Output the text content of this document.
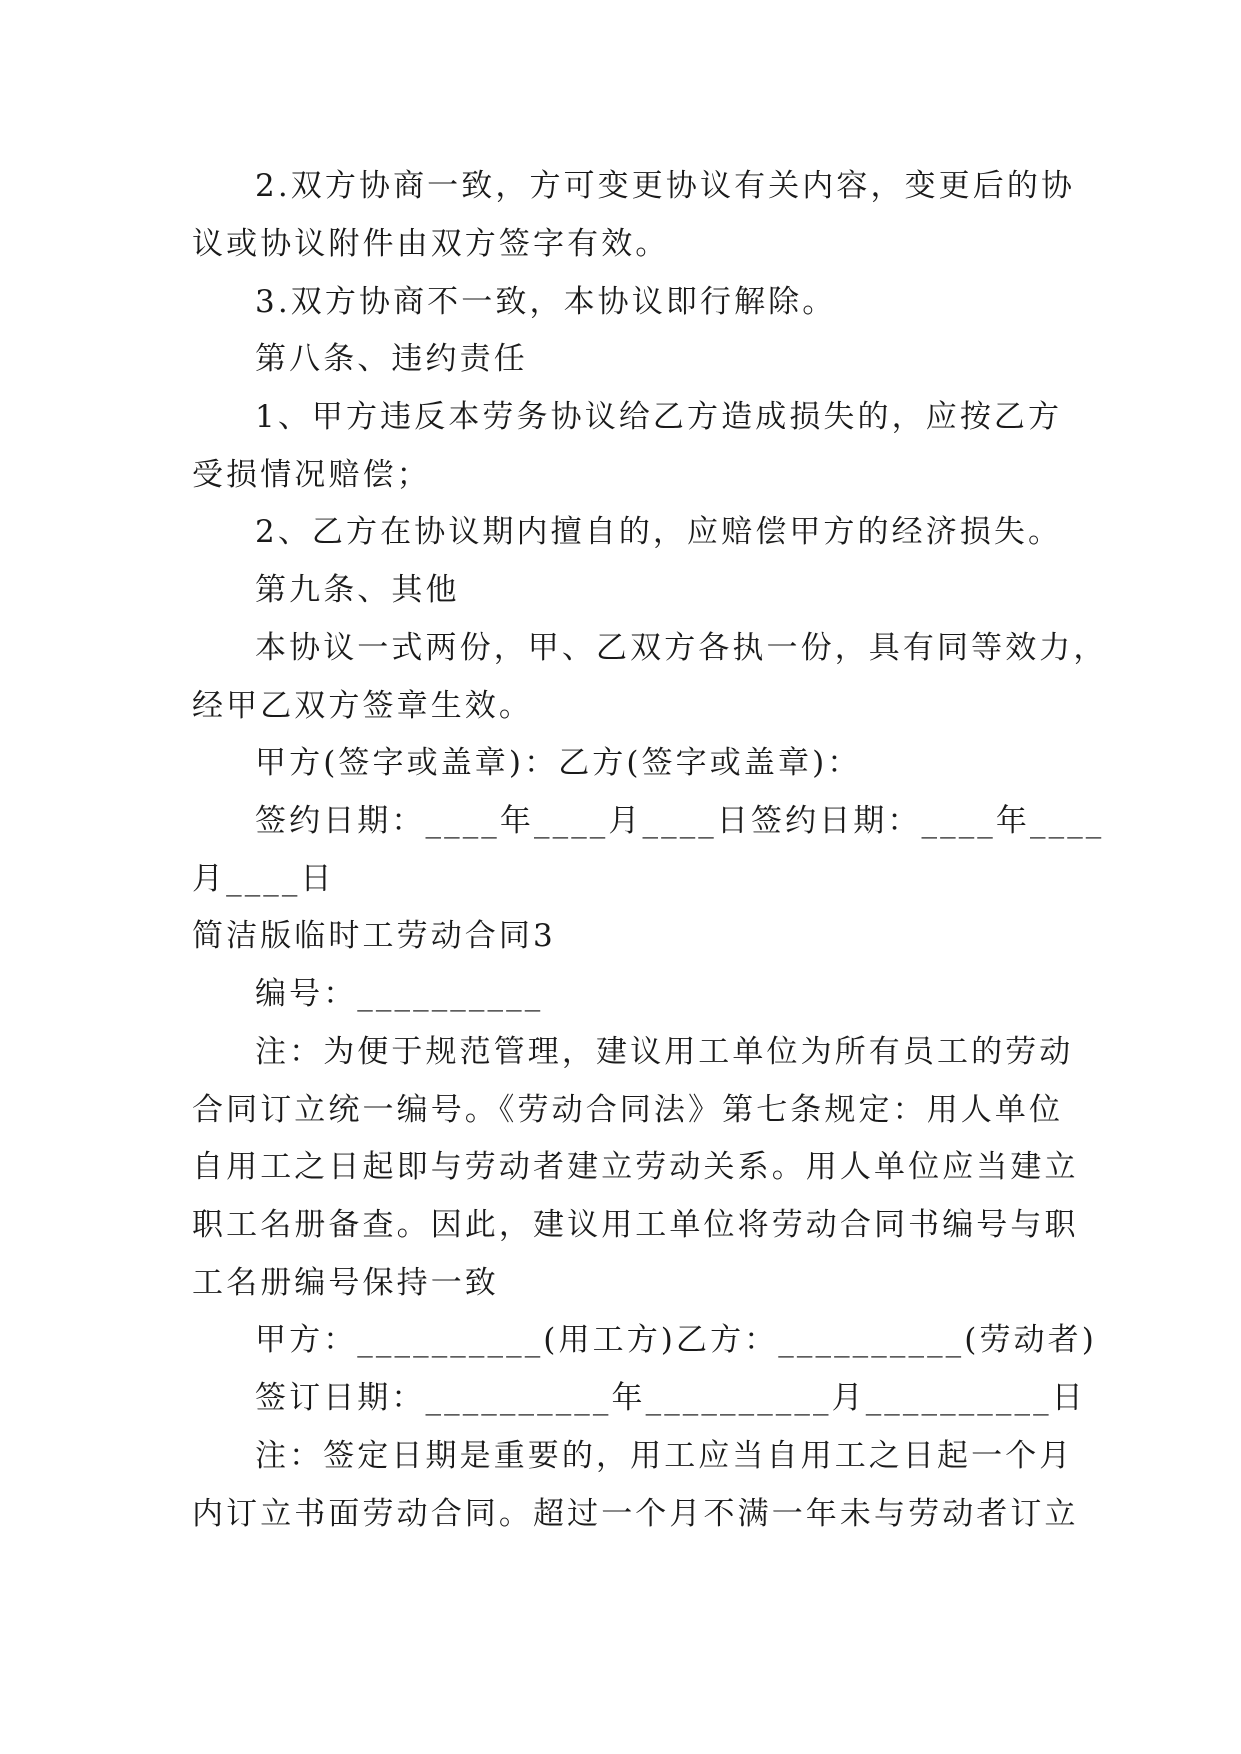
2.双方协商一致，方可变更协议有关内容，变更后的协
议或协议附件由双方签字有效。
3.双方协商不一致，本协议即行解除。
第八条、违约责任
1、甲方违反本劳务协议给乙方造成损失的，应按乙方
受损情况赔偿；
2、乙方在协议期内擅自的，应赔偿甲方的经济损失。
第九条、其他
本协议一式两份，甲、乙双方各执一份，具有同等效力，
经甲乙双方签章生效。
甲方(签字或盖章)：乙方(签字或盖章)：
签约日期：____年____月____日签约日期：____年____
月____日
简洁版临时工劳动合同3
编号：__________
注：为便于规范管理，建议用工单位为所有员工的劳动
合同订立统一编号。《劳动合同法》第七条规定：用人单位
自用工之日起即与劳动者建立劳动关系。用人单位应当建立
职工名册备查。因此，建议用工单位将劳动合同书编号与职
工名册编号保持一致
甲方：__________(用工方)乙方：__________(劳动者)
签订日期：__________年__________月__________日
注：签定日期是重要的，用工应当自用工之日起一个月
内订立书面劳动合同。超过一个月不满一年未与劳动者订立
